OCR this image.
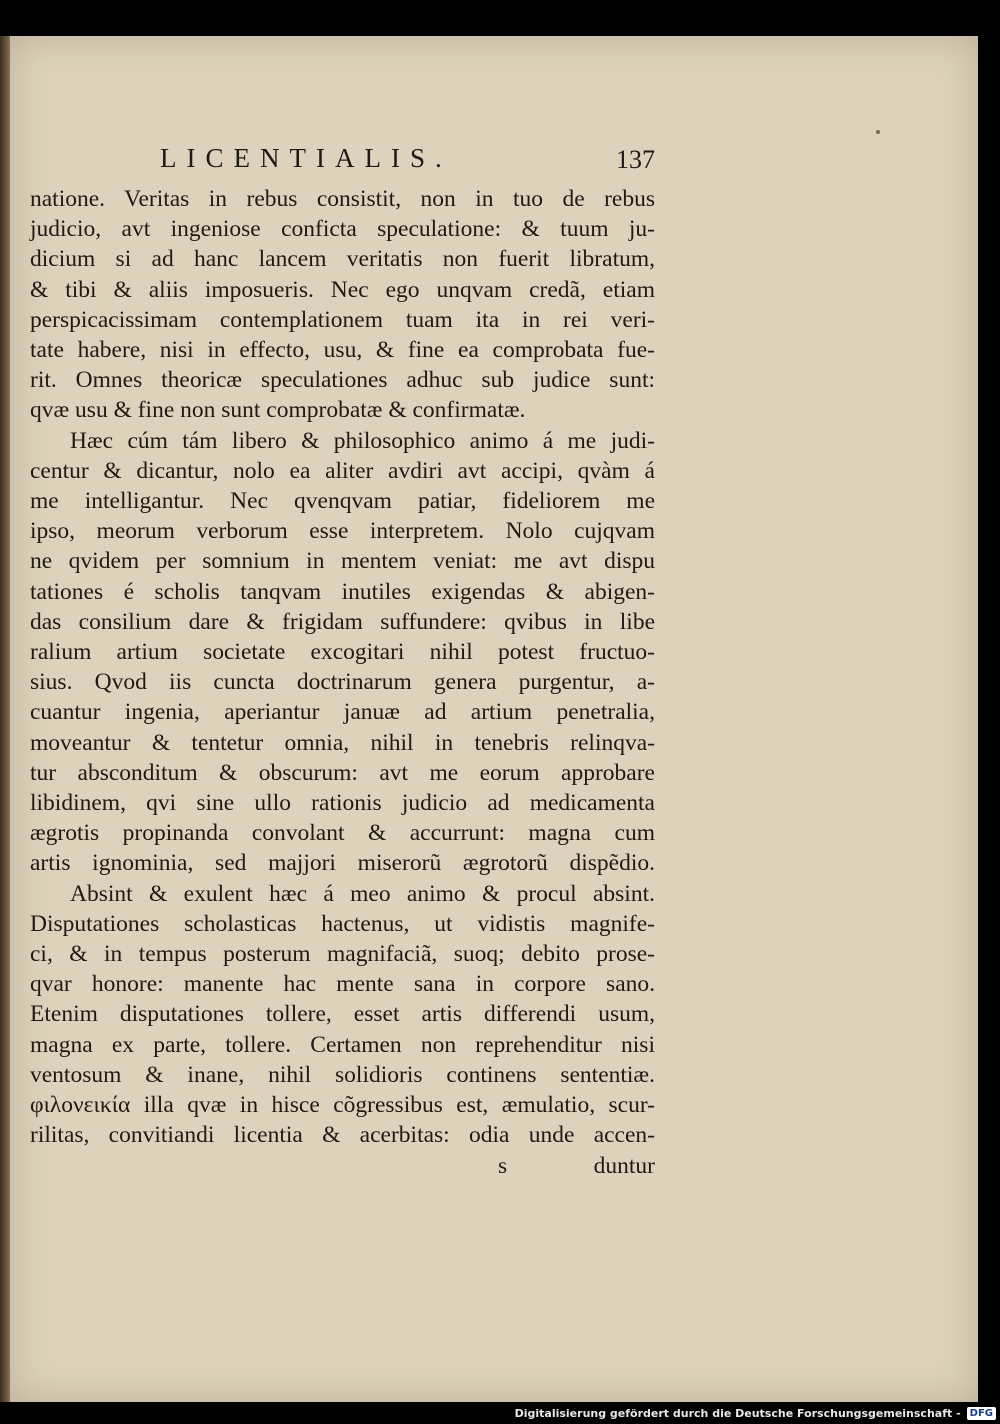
LICENTIALIS.	137
natione. Veritas in rebus consistit, non in tuo de rebus
judicio, avt ingeniose conficta speculatione: & tuum ju-
dicium si ad hanc lancem veritatis non fuerit libratum,
& tibi & aliis imposueris. Nec ego unqvam credã, etiam
perspicacissimam contemplationem tuam ita in rei veri-
tate habere, nisi in effecto, usu, & fine ea comprobata fue-
rit. Omnes theoricæ speculationes adhuc sub judice sunt:
qvæ usu & fine non sunt comprobatæ & confirmatæ.
Hæc cúm tám libero & philosophico animo á me judi-
centur & dicantur, nolo ea aliter avdiri avt accipi, qvàm á
me intelligantur. Nec qvenqvam patiar, fideliorem me
ipso, meorum verborum esse interpretem. Nolo cujqvam
ne qvidem per somnium in mentem veniat: me avt dispu
tationes é scholis tanqvam inutiles exigendas & abigen-
das consilium dare & frigidam suffundere: qvibus in libe
ralium artium societate excogitari nihil potest fructuo-
sius. Qvod iis cuncta doctrinarum genera purgentur, a-
cuantur ingenia, aperiantur januæ ad artium penetralia,
moveantur & tentetur omnia, nihil in tenebris relinqva-
tur absconditum & obscurum: avt me eorum approbare
libidinem, qvi sine ullo rationis judicio ad medicamenta
ægrotis propinanda convolant & accurrunt: magna cum
artis ignominia, sed majjori miserorũ ægrotorũ dispẽdio.
Absint & exulent hæc á meo animo & procul absint.
Disputationes scholasticas hactenus, ut vidistis magnife-
ci, & in tempus posterum magnifaciã, suoq; debito prose-
qvar honore: manente hac mente sana in corpore sano.
Etenim disputationes tollere, esset artis differendi usum,
magna ex parte, tollere. Certamen non reprehenditur nisi
ventosum & inane, nihil solidioris continens sententiæ.
φιλονεικία illa qvæ in hisce cõgressibus est, æmulatio, scur-
rilitas, convitiandi licentia & acerbitas: odia unde accen-
s	duntur
Digitalisierung gefördert durch die Deutsche Forschungsgemeinschaft - DFG
